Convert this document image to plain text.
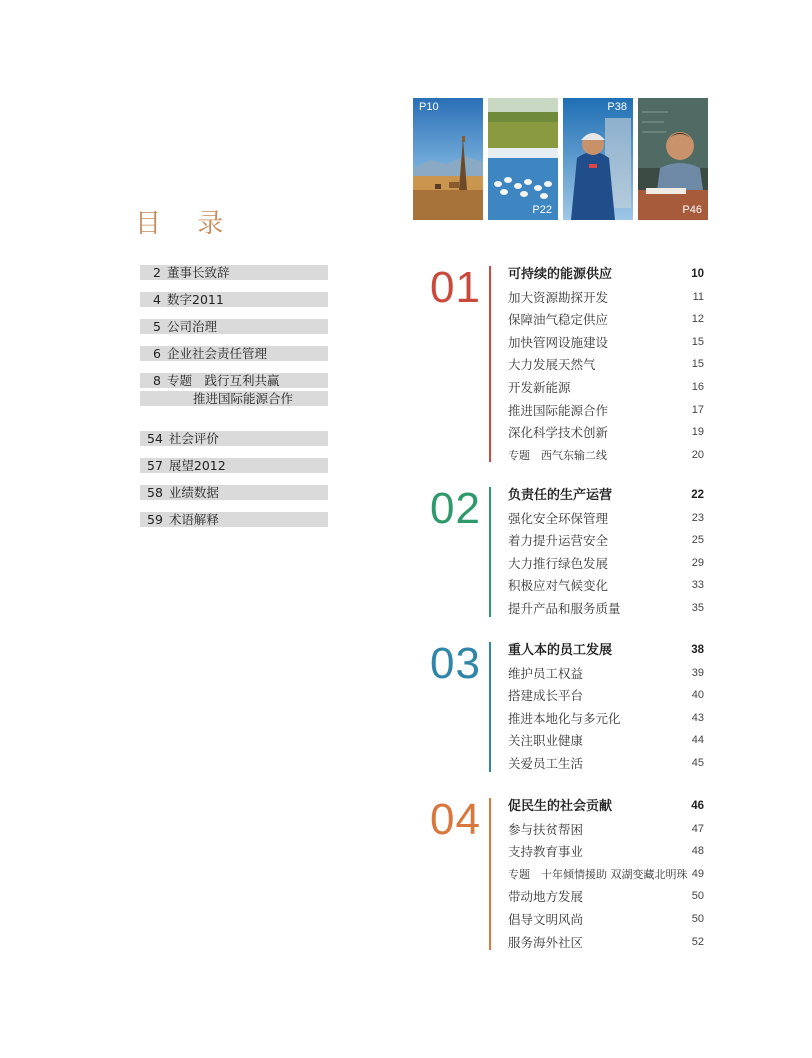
目 录
2 董事长致辞
4 数字2011
5 公司治理
6 企业社会责任管理
8 专题　践行互利共赢
推进国际能源合作
54 社会评价
57 展望2012
58 业绩数据
59 术语解释
P10
P22
P38
P46
01 可持续的能源供应	10
加大资源勘探开发	11
保障油气稳定供应	12
加快管网设施建设	15
大力发展天然气	15
开发新能源	16
推进国际能源合作	17
深化科学技术创新	19
专题　西气东输二线	20
02 负责任的生产运营	22
强化安全环保管理	23
着力提升运营安全	25
大力推行绿色发展	29
积极应对气候变化	33
提升产品和服务质量	35
03 重人本的员工发展	38
维护员工权益	39
搭建成长平台	40
推进本地化与多元化	43
关注职业健康	44
关爱员工生活	45
04 促民生的社会贡献	46
参与扶贫帮困	47
支持教育事业	48
专题　十年倾情援助 双湖变藏北明珠 49
带动地方发展	50
倡导文明风尚	50
服务海外社区	52
